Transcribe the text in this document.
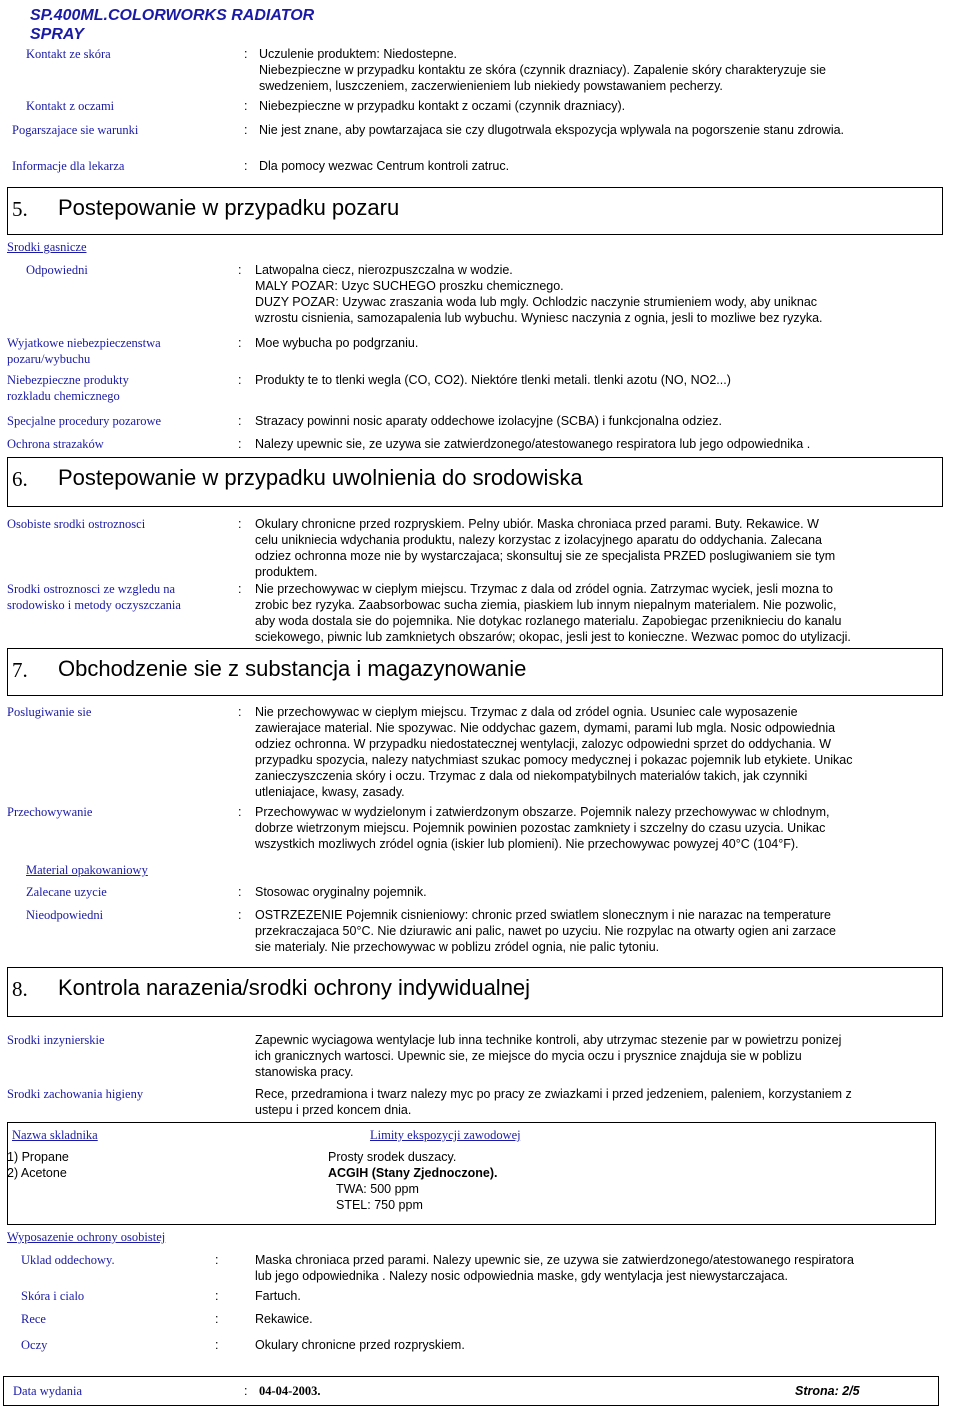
SP.400ML.COLORWORKS RADIATOR
SPRAY
Kontakt ze skóra	: Uczulenie produktem: Niedostepne.
Niebezpieczne w przypadku kontaktu ze skóra (czynnik drazniacy). Zapalenie skóry charakteryzuje sie
swedzeniem, luszczeniem, zaczerwienieniem lub niekiedy powstawaniem pecherzy.
Kontakt z oczami	: Niebezpieczne w przypadku kontakt z oczami (czynnik drazniacy).
Pogarszajace sie warunki	: Nie jest znane, aby powtarzajaca sie czy dlugotrwala ekspozycja wplywala na pogorszenie stanu zdrowia.
Informacje dla lekarza	: Dla pomocy wezwac Centrum kontroli zatruc.
5. Postepowanie w przypadku pozaru
Srodki gasnicze
Odpowiedni	: Latwopalna ciecz, nierozpuszczalna w wodzie.
MALY POZAR: Uzyc SUCHEGO proszku chemicznego.
DUZY POZAR: Uzywac zraszania woda lub mgly. Ochlodzic naczynie strumieniem wody, aby uniknac
wzrostu cisnienia, samozapalenia lub wybuchu. Wyniesc naczynia z ognia, jesli to mozliwe bez ryzyka.
Wyjatkowe niebezpieczenstwa
pozaru/wybuchu
: Moe wybucha po podgrzaniu.
Niebezpieczne produkty
rozkladu chemicznego
: Produkty te to tlenki wegla (CO, CO2). Niektóre tlenki metali. tlenki azotu (NO, NO2...)
Specjalne procedury pozarowe	: Strazacy powinni nosic aparaty oddechowe izolacyjne (SCBA) i funkcjonalna odziez.
Ochrona strazaków	: Nalezy upewnic sie, ze uzywa sie zatwierdzonego/atestowanego respiratora lub jego odpowiednika .
6. Postepowanie w przypadku uwolnienia do srodowiska
Osobiste srodki ostroznosci	: Okulary chronicne przed rozpryskiem. Pelny ubiór. Maska chroniaca przed parami. Buty. Rekawice. W
celu unikniecia wdychania produktu, nalezy korzystac z izolacyjnego aparatu do oddychania. Zalecana
odziez ochronna moze nie by wystarczajaca; skonsultuj sie ze specjalista PRZED poslugiwaniem sie tym
produktem.
Srodki ostroznosci ze wzgledu na
srodowisko i metody oczyszczania
: Nie przechowywac w cieplym miejscu. Trzymac z dala od zródel ognia. Zatrzymac wyciek, jesli mozna to
zrobic bez ryzyka. Zaabsorbowac sucha ziemia, piaskiem lub innym niepalnym materialem. Nie pozwolic,
aby woda dostala sie do pojemnika. Nie dotykac rozlanego materialu. Zapobiegac przeniknieciu do kanalu
sciekowego, piwnic lub zamknietych obszarów; okopac, jesli jest to konieczne. Wezwac pomoc do utylizacji.
7. Obchodzenie sie z substancja i magazynowanie
Poslugiwanie sie	: Nie przechowywac w cieplym miejscu. Trzymac z dala od zródel ognia. Usuniec cale wyposazenie
zawierajace material. Nie spozywac. Nie oddychac gazem, dymami, parami lub mgla. Nosic odpowiednia
odziez ochronna. W przypadku niedostatecznej wentylacji, zalozyc odpowiedni sprzet do oddychania. W
przypadku spozycia, nalezy natychmiast szukac pomocy medycznej i pokazac pojemnik lub etykiete. Unikac
zanieczyszczenia skóry i oczu. Trzymac z dala od niekompatybilnych materialów takich, jak czynniki
utleniajace, kwasy, zasady.
Przechowywanie	: Przechowywac w wydzielonym i zatwierdzonym obszarze. Pojemnik nalezy przechowywac w chlodnym,
dobrze wietrzonym miejscu. Pojemnik powinien pozostac zamkniety i szczelny do czasu uzycia. Unikac
wszystkich mozliwych zródel ognia (iskier lub plomieni). Nie przechowywac powyzej 40°C (104°F).
Material opakowaniowy
Zalecane uzycie	: Stosowac oryginalny pojemnik.
Nieodpowiedni	: OSTRZEZENIE Pojemnik cisnieniowy: chronic przed swiatlem slonecznym i nie narazac na temperature
przekraczajaca 50°C. Nie dziurawic ani palic, nawet po uzyciu. Nie rozpylac na otwarty ogien ani zarzace
sie materialy. Nie przechowywac w poblizu zródel ognia, nie palic tytoniu.
8. Kontrola narazenia/srodki ochrony indywidualnej
Srodki inzynierskie	Zapewnic wyciagowa wentylacje lub inna technike kontroli, aby utrzymac stezenie par w powietrzu ponizej
ich granicznych wartosci. Upewnic sie, ze miejsce do mycia oczu i prysznice znajduja sie w poblizu
stanowiska pracy.
Srodki zachowania higieny	Rece, przedramiona i twarz nalezy myc po pracy ze zwiazkami i przed jedzeniem, paleniem, korzystaniem z
ustepu i przed koncem dnia.
Nazwa skladnika	Limity ekspozycji zawodowej
1) Propane	Prosty srodek duszacy.
2) Acetone	ACGIH (Stany Zjednoczone).
TWA: 500 ppm
STEL: 750 ppm
Wyposazenie ochrony osobistej
Uklad oddechowy.	:	Maska chroniaca przed parami. Nalezy upewnic sie, ze uzywa sie zatwierdzonego/atestowanego respiratora
lub jego odpowiednika . Nalezy nosic odpowiednia maske, gdy wentylacja jest niewystarczajaca.
Skóra i cialo	:	Fartuch.
Rece	:	Rekawice.
Oczy	:	Okulary chronicne przed rozpryskiem.
Data wydania	: 04-04-2003.	Strona: 2/5
